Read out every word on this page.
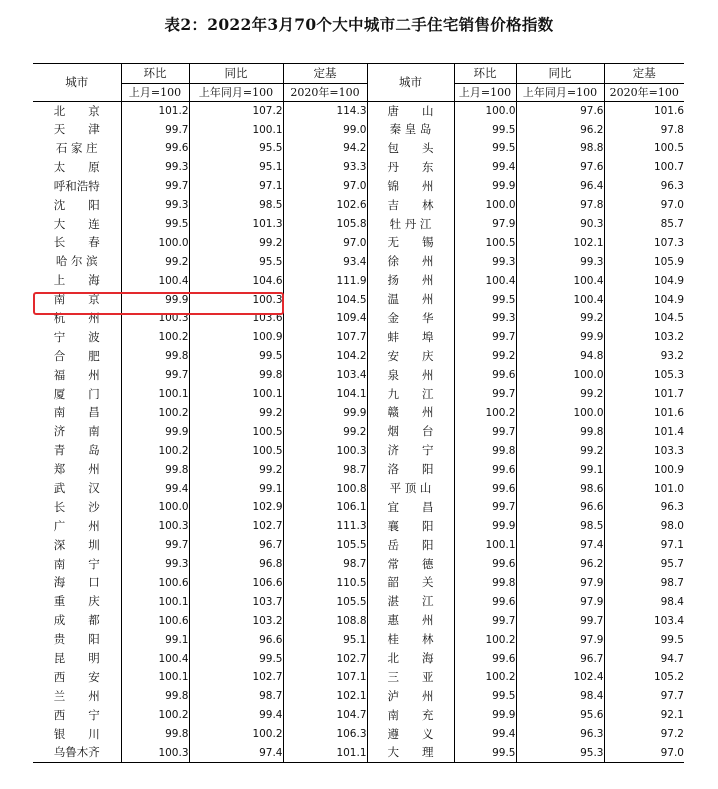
表2：2022年3月70个大中城市二手住宅销售价格指数
城市	环比	同比	定基	城市	环比	同比	定基
	上月=100	上年同月=100	2020年=100		上月=100	上年同月=100	2020年=100
北　　京	101.2	107.2	114.3	唐　　山	100.0	97.6	101.6
天　　津	99.7	100.1	99.0	秦 皇 岛	99.5	96.2	97.8
石 家 庄	99.6	95.5	94.2	包　　头	99.5	98.8	100.5
太　　原	99.3	95.1	93.3	丹　　东	99.4	97.6	100.7
呼和浩特	99.7	97.1	97.0	锦　　州	99.9	96.4	96.3
沈　　阳	99.3	98.5	102.6	吉　　林	100.0	97.8	97.0
大　　连	99.5	101.3	105.8	牡 丹 江	97.9	90.3	85.7
长　　春	100.0	99.2	97.0	无　　锡	100.5	102.1	107.3
哈 尔 滨	99.2	95.5	93.4	徐　　州	99.3	99.3	105.9
上　　海	100.4	104.6	111.9	扬　　州	100.4	100.4	104.9
南　　京	99.9	100.3	104.5	温　　州	99.5	100.4	104.9
杭　　州	100.3	103.6	109.4	金　　华	99.3	99.2	104.5
宁　　波	100.2	100.9	107.7	蚌　　埠	99.7	99.9	103.2
合　　肥	99.8	99.5	104.2	安　　庆	99.2	94.8	93.2
福　　州	99.7	99.8	103.4	泉　　州	99.6	100.0	105.3
厦　　门	100.1	100.1	104.1	九　　江	99.7	99.2	101.7
南　　昌	100.2	99.2	99.9	赣　　州	100.2	100.0	101.6
济　　南	99.9	100.5	99.2	烟　　台	99.7	99.8	101.4
青　　岛	100.2	100.5	100.3	济　　宁	99.8	99.2	103.3
郑　　州	99.8	99.2	98.7	洛　　阳	99.6	99.1	100.9
武　　汉	99.4	99.1	100.8	平 顶 山	99.6	98.6	101.0
长　　沙	100.0	102.9	106.1	宜　　昌	99.7	96.6	96.3
广　　州	100.3	102.7	111.3	襄　　阳	99.9	98.5	98.0
深　　圳	99.7	96.7	105.5	岳　　阳	100.1	97.4	97.1
南　　宁	99.3	96.8	98.7	常　　德	99.6	96.2	95.7
海　　口	100.6	106.6	110.5	韶　　关	99.8	97.9	98.7
重　　庆	100.1	103.7	105.5	湛　　江	99.6	97.9	98.4
成　　都	100.6	103.2	108.8	惠　　州	99.7	99.7	103.4
贵　　阳	99.1	96.6	95.1	桂　　林	100.2	97.9	99.5
昆　　明	100.4	99.5	102.7	北　　海	99.6	96.7	94.7
西　　安	100.1	102.7	107.1	三　　亚	100.2	102.4	105.2
兰　　州	99.8	98.7	102.1	泸　　州	99.5	98.4	97.7
西　　宁	100.2	99.4	104.7	南　　充	99.9	95.6	92.1
银　　川	99.8	100.2	106.3	遵　　义	99.4	96.3	97.2
乌鲁木齐	100.3	97.4	101.1	大　　理	99.5	95.3	97.0
